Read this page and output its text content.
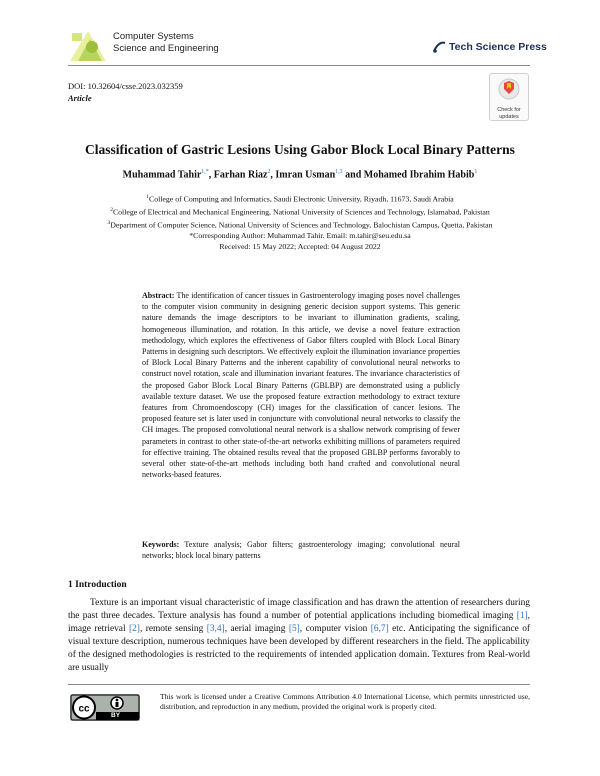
Computer Systems
Science and Engineering	Tech Science Press
DOI: 10.32604/csse.2023.032359
Article
Check for
updates
Classification of Gastric Lesions Using Gabor Block Local Binary Patterns
Muhammad Tahir$^{1,*}$, Farhan Riaz$^2$, Imran Usman$^{1,3}$ and Mohamed Ibrahim Habib$^1$
$^1$College of Computing and Informatics, Saudi Electronic University, Riyadh, 11673, Saudi Arabia
$^2$College of Electrical and Mechanical Engineering, National University of Sciences and Technology, Islamabad, Pakistan
$^3$Department of Computer Science, National University of Sciences and Technology, Balochistan Campus, Quetta, Pakistan
*Corresponding Author: Muhammad Tahir. Email: m.tahir@seu.edu.sa
Received: 15 May 2022; Accepted: 04 August 2022
Abstract: The identification of cancer tissues in Gastroenterology imaging poses novel challenges to the computer vision community in designing generic decision support systems. This generic nature demands the image descriptors to be invariant to illumination gradients, scaling, homogeneous illumination, and rotation. In this article, we devise a novel feature extraction methodology, which explores the effectiveness of Gabor filters coupled with Block Local Binary Patterns in designing such descriptors. We effectively exploit the illumination invariance properties of Block Local Binary Patterns and the inherent capability of convolutional neural networks to construct novel rotation, scale and illumination invariant features. The invariance characteristics of the proposed Gabor Block Local Binary Patterns (GBLBP) are demonstrated using a publicly available texture dataset. We use the proposed feature extraction methodology to extract texture features from Chromoendoscopy (CH) images for the classification of cancer lesions. The proposed feature set is later used in conjuncture with convolutional neural networks to classify the CH images. The proposed convolutional neural network is a shallow network comprising of fewer parameters in contrast to other state-of-the-art networks exhibiting millions of parameters required for effective training. The obtained results reveal that the proposed GBLBP performs favorably to several other state-of-the-art methods including both hand crafted and convolutional neural networks-based features.
Keywords: Texture analysis; Gabor filters; gastroenterology imaging; convolutional neural networks; block local binary patterns
1 Introduction
Texture is an important visual characteristic of image classification and has drawn the attention of researchers during the past three decades. Texture analysis has found a number of potential applications including biomedical imaging [1], image retrieval [2], remote sensing [3,4], aerial imaging [5], computer vision [6,7] etc. Anticipating the significance of visual texture description, numerous techniques have been developed by different researchers in the field. The applicability of the designed methodologies is restricted to the requirements of intended application domain. Textures from Real-world are usually
cc
BY
This work is licensed under a Creative Commons Attribution 4.0 International License, which permits unrestricted use, distribution, and reproduction in any medium, provided the original work is properly cited.
